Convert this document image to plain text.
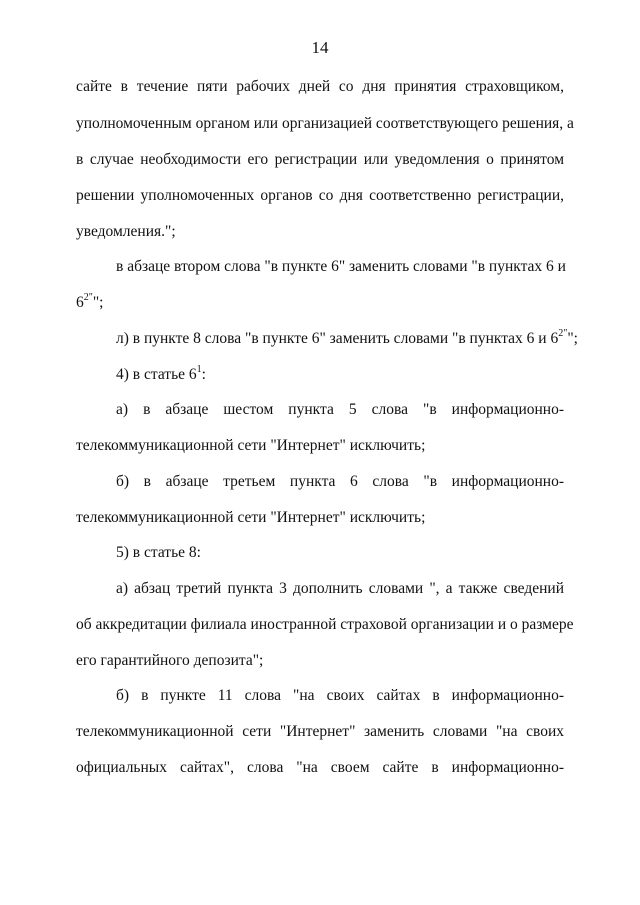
14
сайте в течение пяти рабочих дней со дня принятия страховщиком,
уполномоченным органом или организацией соответствующего решения, а
в случае необходимости его регистрации или уведомления о принятом
решении уполномоченных органов со дня соответственно регистрации,
уведомления.";
в абзаце втором слова "в пункте 6" заменить словами "в пунктах 6 и
$6^{2"}$";
л) в пункте 8 слова "в пункте 6" заменить словами "в пунктах 6 и $6^{2"}$";
4) в статье $6^1$:
а) в абзаце шестом пункта 5 слова "в информационно-
телекоммуникационной сети "Интернет" исключить;
б) в абзаце третьем пункта 6 слова "в информационно-
телекоммуникационной сети "Интернет" исключить;
5) в статье 8:
а) абзац третий пункта 3 дополнить словами ", а также сведений
об аккредитации филиала иностранной страховой организации и о размере
его гарантийного депозита";
б) в пункте 11 слова "на своих сайтах в информационно-
телекоммуникационной сети "Интернет" заменить словами "на своих
официальных сайтах", слова "на своем сайте в информационно-
